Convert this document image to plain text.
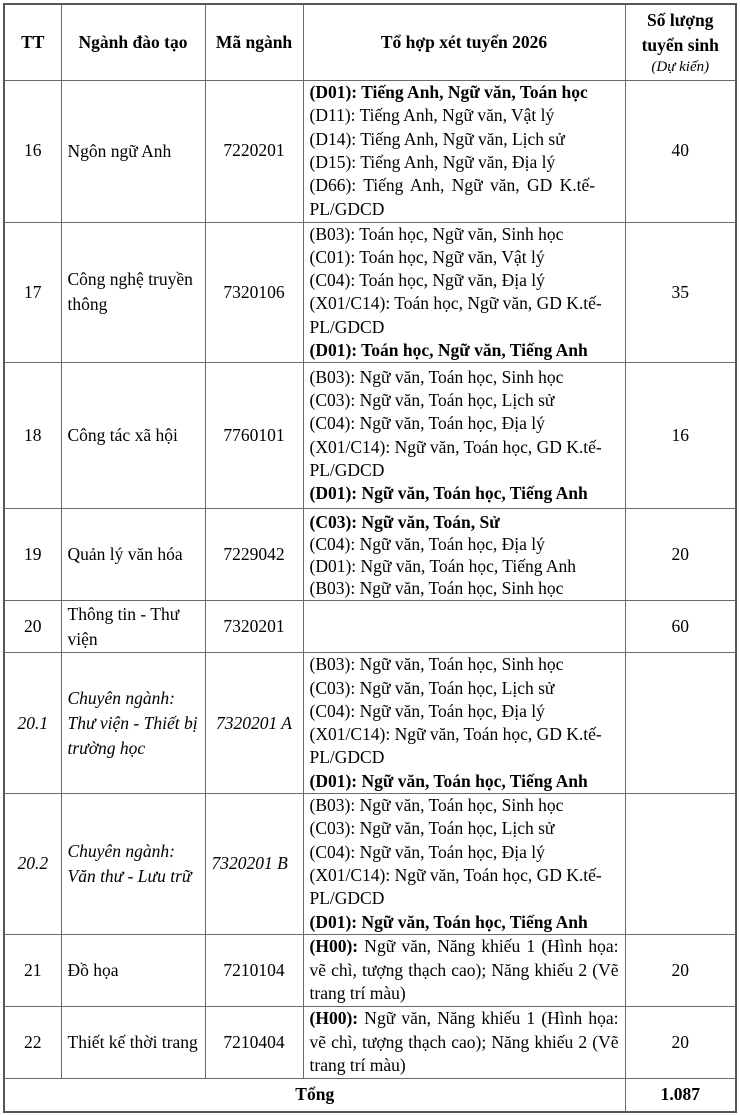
TT	Ngành đào tạo	Mã ngành	Tổ hợp xét tuyển 2026	Số lượng tuyển sinh
(Dự kiến)

16	Ngôn ngữ Anh	7220201	(D01): Tiếng Anh, Ngữ văn, Toán học
(D11): Tiếng Anh, Ngữ văn, Vật lý
(D14): Tiếng Anh, Ngữ văn, Lịch sử
(D15): Tiếng Anh, Ngữ văn, Địa lý
(D66): Tiếng Anh, Ngữ văn, GD K.tế-PL/GDCD	40
17	Công nghệ truyền thông	7320106	(B03): Toán học, Ngữ văn, Sinh học
(C01): Toán học, Ngữ văn, Vật lý
(C04): Toán học, Ngữ văn, Địa lý
(X01/C14): Toán học, Ngữ văn, GD K.tế-PL/GDCD
(D01): Toán học, Ngữ văn, Tiếng Anh	35
18	Công tác xã hội	7760101	(B03): Ngữ văn, Toán học, Sinh học
(C03): Ngữ văn, Toán học, Lịch sử
(C04): Ngữ văn, Toán học, Địa lý
(X01/C14): Ngữ văn, Toán học, GD K.tế-PL/GDCD
(D01): Ngữ văn, Toán học, Tiếng Anh	16
19	Quản lý văn hóa	7229042	(C03): Ngữ văn, Toán, Sử
(C04): Ngữ văn, Toán học, Địa lý
(D01): Ngữ văn, Toán học, Tiếng Anh
(B03): Ngữ văn, Toán học, Sinh học	20
20	Thông tin - Thư viện	7320201		60
20.1	Chuyên ngành: Thư viện - Thiết bị trường học	7320201 A	(B03): Ngữ văn, Toán học, Sinh học
(C03): Ngữ văn, Toán học, Lịch sử
(C04): Ngữ văn, Toán học, Địa lý
(X01/C14): Ngữ văn, Toán học, GD K.tế-PL/GDCD
(D01): Ngữ văn, Toán học, Tiếng Anh	

20.2	Chuyên ngành: Văn thư - Lưu trữ	7320201 B	(B03): Ngữ văn, Toán học, Sinh học
(C03): Ngữ văn, Toán học, Lịch sử
(C04): Ngữ văn, Toán học, Địa lý
(X01/C14): Ngữ văn, Toán học, GD K.tế-PL/GDCD
(D01): Ngữ văn, Toán học, Tiếng Anh	

21	Đồ họa	7210104	(H00): Ngữ văn, Năng khiếu 1 (Hình họa: vẽ chì, tượng thạch cao); Năng khiếu 2 (Vẽ trang trí màu)	20
22	Thiết kế thời trang	7210404	(H00): Ngữ văn, Năng khiếu 1 (Hình họa: vẽ chì, tượng thạch cao); Năng khiếu 2 (Vẽ trang trí màu)	20
Tổng				1.087
